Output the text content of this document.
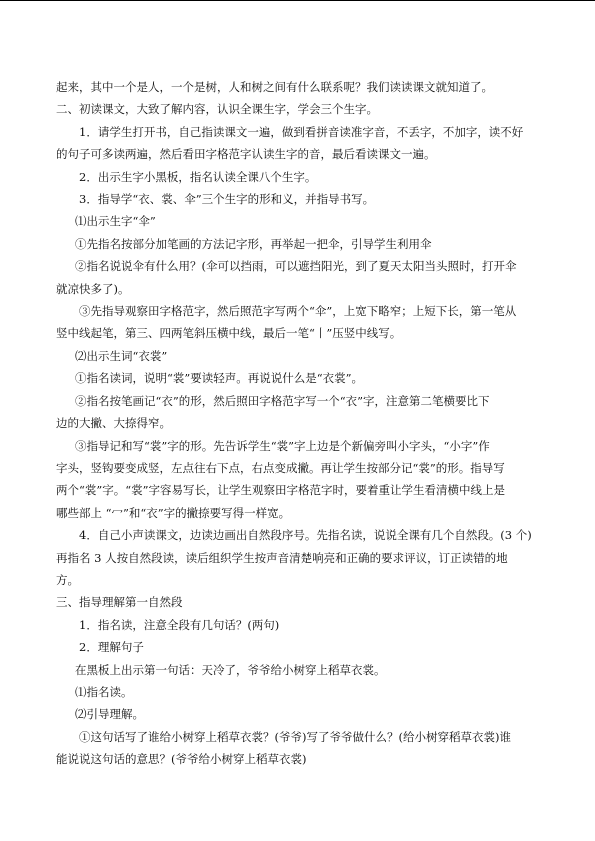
起来，其中一个是人，一个是树，人和树之间有什么联系呢？我们读读课文就知道了。

二、初读课文，大致了解内容，认识全课生字，学会三个生字。

1．请学生打开书，自己指读课文一遍，做到看拼音读准字音，不丢字，不加字，读不好

的句子可多读两遍，然后看田字格范字认读生字的音，最后看读课文一遍。

2．出示生字小黑板，指名认读全课八个生字。

3．指导学“衣、裳、伞”三个生字的形和义，并指导书写。

⑴出示生字“伞”

①先指名按部分加笔画的方法记字形，再举起一把伞，引导学生利用伞

②指名说说伞有什么用？(伞可以挡雨，可以遮挡阳光，到了夏天太阳当头照时，打开伞

就凉快多了)。

③先指导观察田字格范字，然后照范字写两个“伞”，上宽下略窄；上短下长，第一笔从

竖中线起笔，第三、四两笔斜压横中线，最后一笔“丨”压竖中线写。

⑵出示生词“衣裳”

①指名读词，说明“裳”要读轻声。再说说什么是“衣裳”。

②指名按笔画记“衣”的形，然后照田字格范字写一个“衣”字，注意第二笔横要比下

边的大撇、大捺得窄。

③指导记和写“裳”字的形。先告诉学生“裳”字上边是个新偏旁叫小字头，“小字”作

字头，竖钩要变成竖，左点往右下点，右点变成撇。再让学生按部分记“裳”的形。指导写

两个“裳”字。“裳”字容易写长，让学生观察田字格范字时，要着重让学生看清横中线上是

哪些部上 “冖”和“衣”字的撇捺要写得一样宽。

4．自己小声读课文，边读边画出自然段序号。先指名读，说说全课有几个自然段。(3 个)

再指名 3 人按自然段读，读后组织学生按声音清楚响亮和正确的要求评议，订正读错的地

方。

三、指导理解第一自然段

1．指名读，注意全段有几句话？(两句)

2．理解句子

在黑板上出示第一句话：天冷了，爷爷给小树穿上稻草衣裳。

⑴指名读。

⑵引导理解。

①这句话写了谁给小树穿上稻草衣裳？(爷爷)写了爷爷做什么？(给小树穿稻草衣裳)谁

能说说这句话的意思？(爷爷给小树穿上稻草衣裳)
